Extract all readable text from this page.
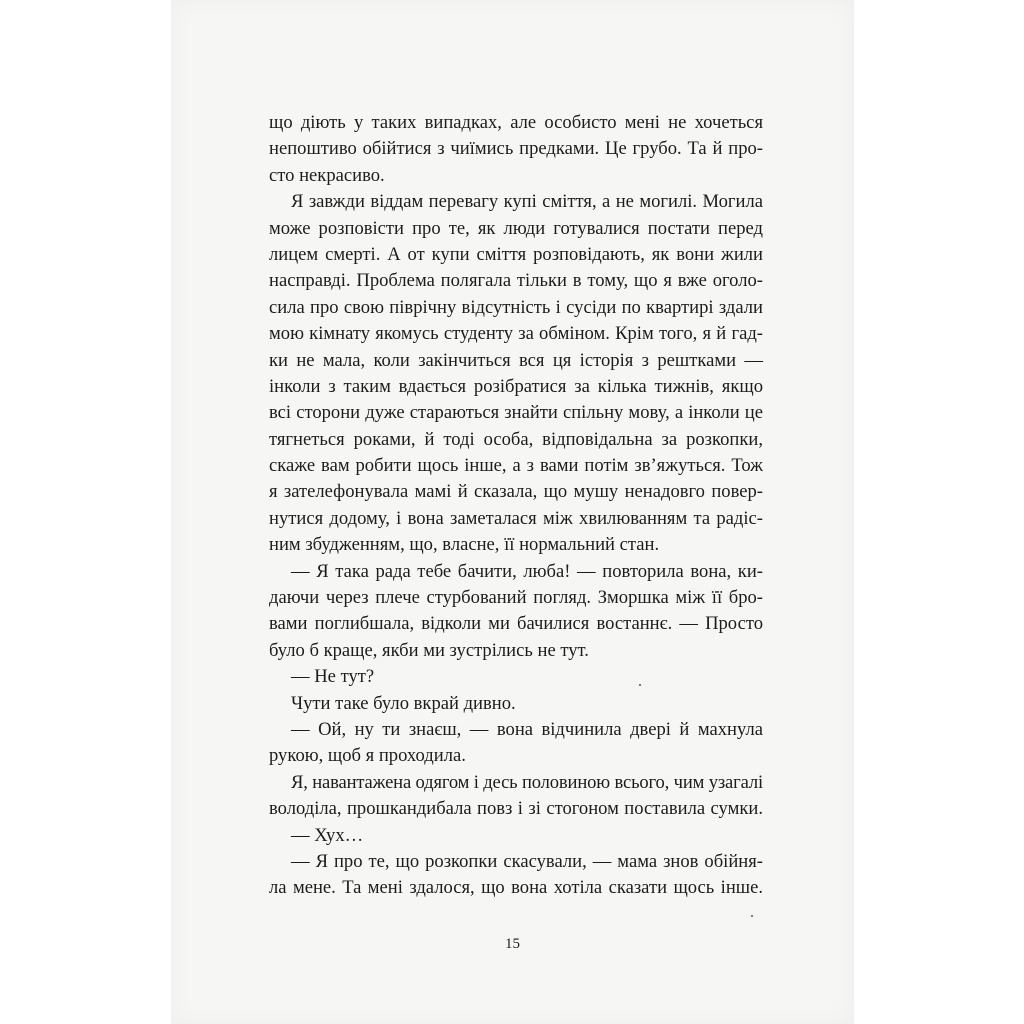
що діють у таких випадках, але особисто мені не хочеться
непоштиво обійтися з чиїмись предками. Це грубо. Та й про-
сто некрасиво.
Я завжди віддам перевагу купі сміття, а не могилі. Могила
може розповісти про те, як люди готувалися постати перед
лицем смерті. А от купи сміття розповідають, як вони жили
насправді. Проблема полягала тільки в тому, що я вже оголо-
сила про свою піврічну відсутність і сусіди по квартирі здали
мою кімнату якомусь студенту за обміном. Крім того, я й гад-
ки не мала, коли закінчиться вся ця історія з рештками —
інколи з таким вдається розібратися за кілька тижнів, якщо
всі сторони дуже стараються знайти спільну мову, а інколи це
тягнеться роками, й тоді особа, відповідальна за розкопки,
скаже вам робити щось інше, а з вами потім зв’яжуться. Тож
я зателефонувала мамі й сказала, що мушу ненадовго повер-
нутися додому, і вона заметалася між хвилюванням та радіс-
ним збудженням, що, власне, її нормальний стан.
— Я така рада тебе бачити, люба! — повторила вона, ки-
даючи через плече стурбований погляд. Зморшка між її бро-
вами поглибшала, відколи ми бачилися востаннє. — Просто
було б краще, якби ми зустрілись не тут.
— Не тут?
Чути таке було вкрай дивно.
— Ой, ну ти знаєш, — вона відчинила двері й махнула
рукою, щоб я проходила.
Я, навантажена одягом і десь половиною всього, чим узагалі
володіла, прошкандибала повз і зі стогоном поставила сумки.
— Хух…
— Я про те, що розкопки скасували, — мама знов обійня-
ла мене. Та мені здалося, що вона хотіла сказати щось інше.
15
